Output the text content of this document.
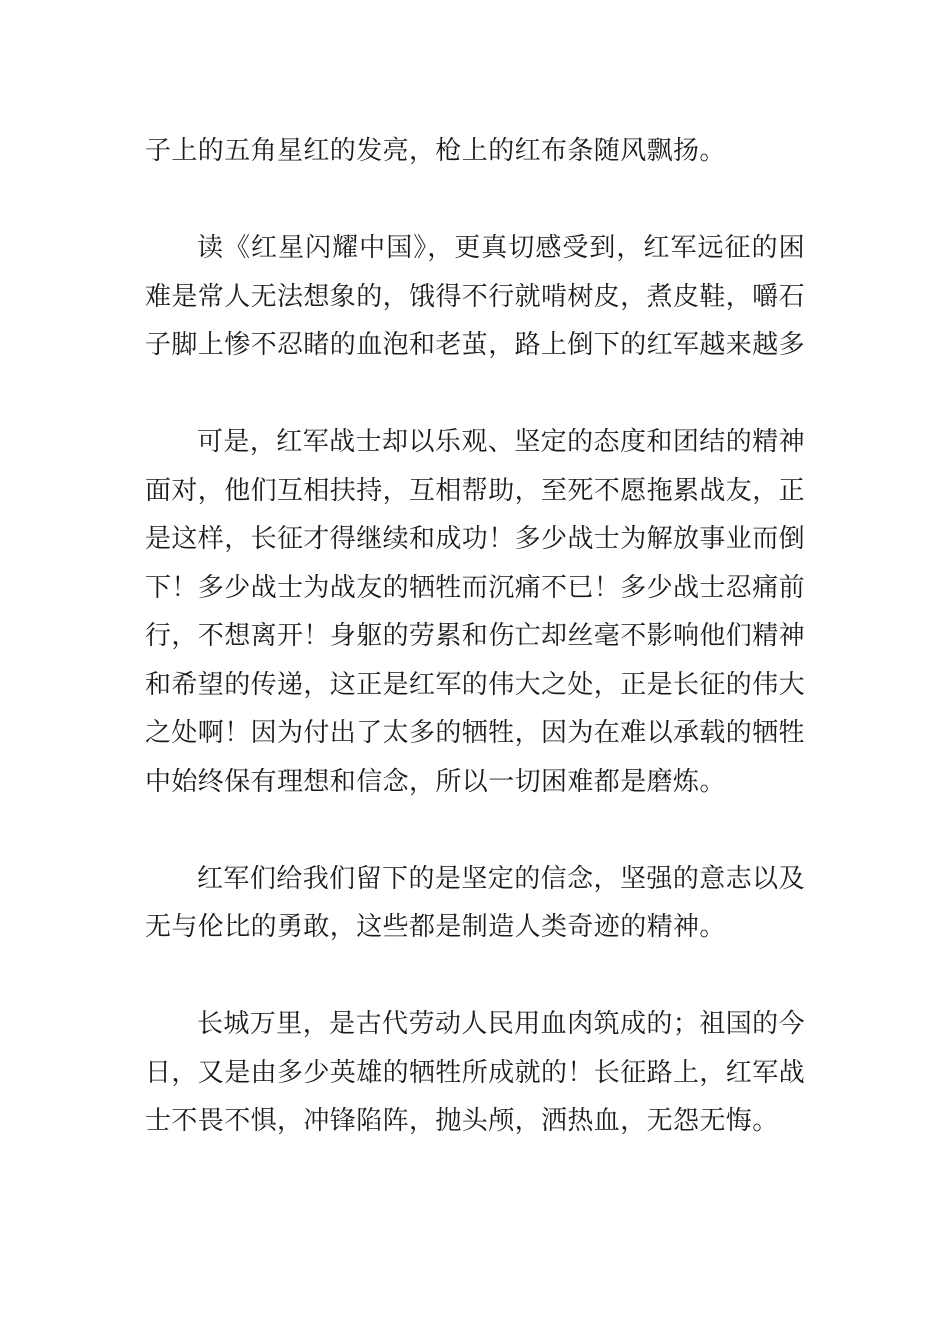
子上的五角星红的发亮，枪上的红布条随风飘扬。

读《红星闪耀中国》，更真切感受到，红军远征的困难是常人无法想象的，饿得不行就啃树皮，煮皮鞋，嚼石子脚上惨不忍睹的血泡和老茧，路上倒下的红军越来越多

可是，红军战士却以乐观、坚定的态度和团结的精神面对，他们互相扶持，互相帮助，至死不愿拖累战友，正是这样，长征才得继续和成功！多少战士为解放事业而倒下！多少战士为战友的牺牲而沉痛不已！多少战士忍痛前行，不想离开！身躯的劳累和伤亡却丝毫不影响他们精神和希望的传递，这正是红军的伟大之处，正是长征的伟大之处啊！因为付出了太多的牺牲，因为在难以承载的牺牲中始终保有理想和信念，所以一切困难都是磨炼。

红军们给我们留下的是坚定的信念，坚强的意志以及无与伦比的勇敢，这些都是制造人类奇迹的精神。

长城万里，是古代劳动人民用血肉筑成的；祖国的今日，又是由多少英雄的牺牲所成就的！长征路上，红军战士不畏不惧，冲锋陷阵，抛头颅，洒热血，无怨无悔。
